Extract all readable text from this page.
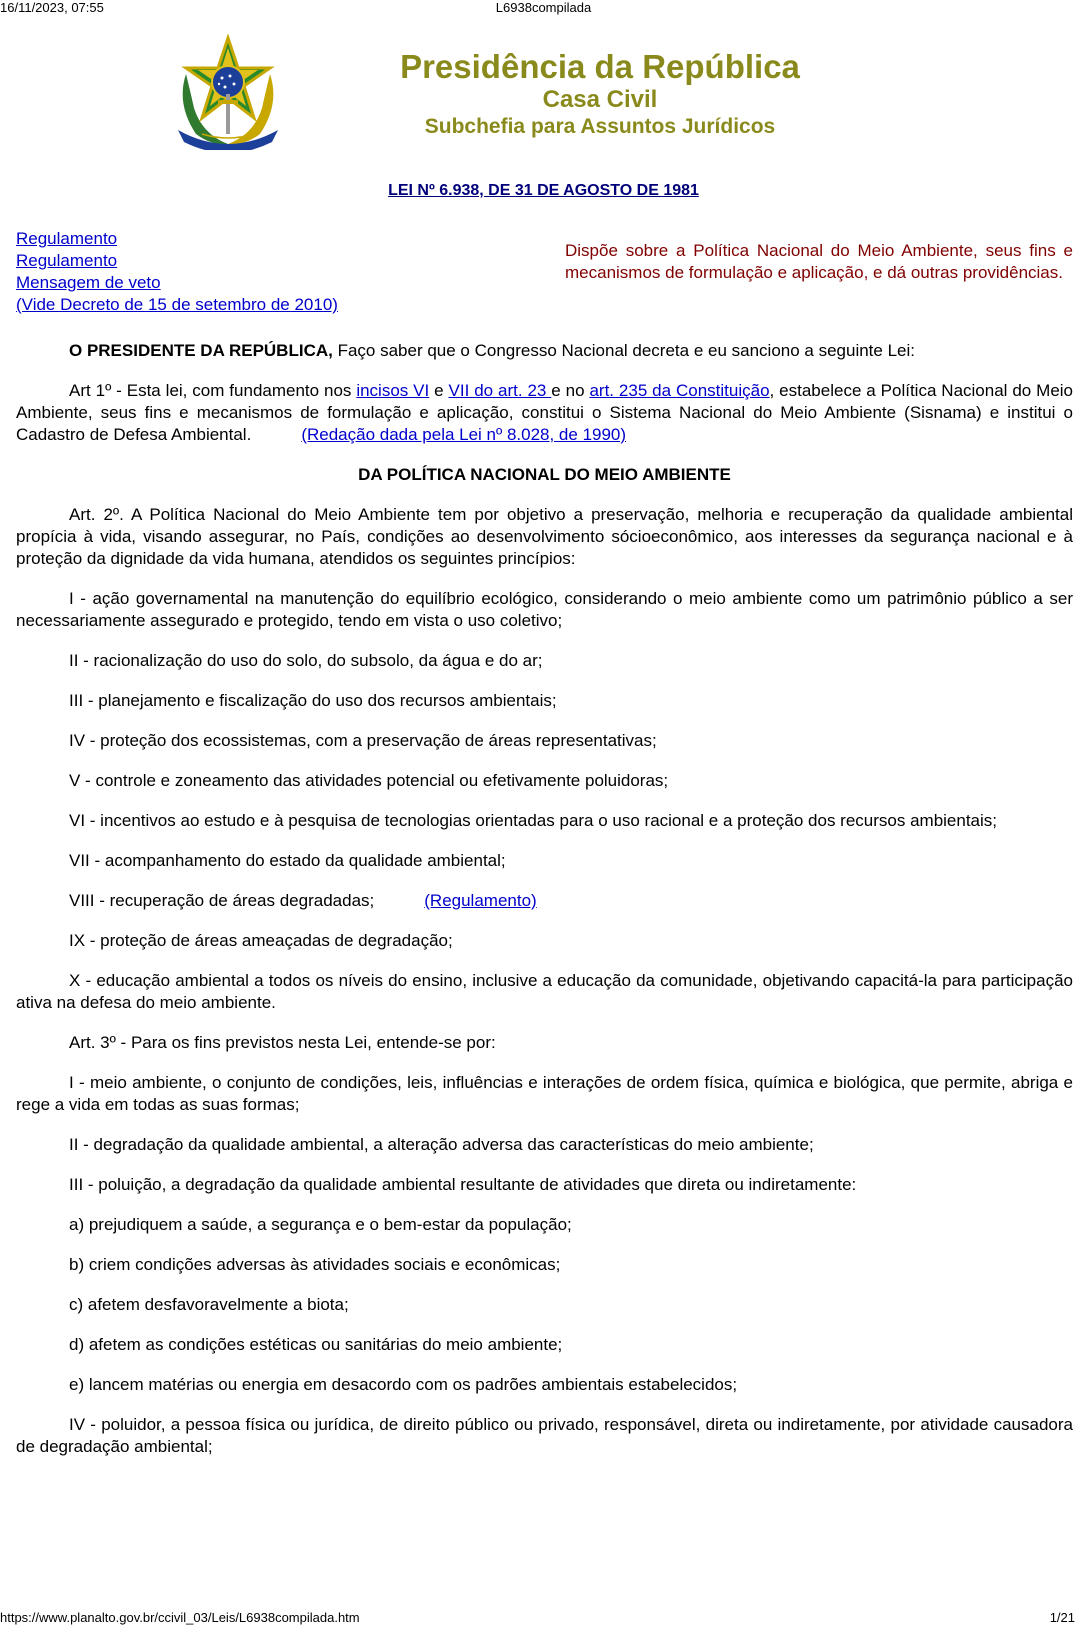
16/11/2023, 07:55	L6938compilada
Presidência da República
Casa Civil
Subchefia para Assuntos Jurídicos
LEI Nº 6.938, DE 31 DE AGOSTO DE 1981
Regulamento
Regulamento
Mensagem de veto
(Vide Decreto de 15 de setembro de 2010)
Dispõe sobre a Política Nacional do Meio Ambiente, seus fins e mecanismos de formulação e aplicação, e dá outras providências.

O PRESIDENTE DA REPÚBLICA, Faço saber que o Congresso Nacional decreta e eu sanciono a seguinte Lei:

Art 1º - Esta lei, com fundamento nos incisos VI e VII do art. 23 e no art. 235 da Constituição, estabelece a Política Nacional do Meio Ambiente, seus fins e mecanismos de formulação e aplicação, constitui o Sistema Nacional do Meio Ambiente (Sisnama) e institui o Cadastro de Defesa Ambiental.	(Redação dada pela Lei nº 8.028, de 1990)

DA POLÍTICA NACIONAL DO MEIO AMBIENTE

Art. 2º. A Política Nacional do Meio Ambiente tem por objetivo a preservação, melhoria e recuperação da qualidade ambiental propícia à vida, visando assegurar, no País, condições ao desenvolvimento sócioeconômico, aos interesses da segurança nacional e à proteção da dignidade da vida humana, atendidos os seguintes princípios:

I - ação governamental na manutenção do equilíbrio ecológico, considerando o meio ambiente como um patrimônio público a ser necessariamente assegurado e protegido, tendo em vista o uso coletivo;

II - racionalização do uso do solo, do subsolo, da água e do ar;

III - planejamento e fiscalização do uso dos recursos ambientais;

IV - proteção dos ecossistemas, com a preservação de áreas representativas;

V - controle e zoneamento das atividades potencial ou efetivamente poluidoras;

VI - incentivos ao estudo e à pesquisa de tecnologias orientadas para o uso racional e a proteção dos recursos ambientais;

VII - acompanhamento do estado da qualidade ambiental;

VIII - recuperação de áreas degradadas;	(Regulamento)

IX - proteção de áreas ameaçadas de degradação;

X - educação ambiental a todos os níveis do ensino, inclusive a educação da comunidade, objetivando capacitá-la para participação ativa na defesa do meio ambiente.

Art. 3º - Para os fins previstos nesta Lei, entende-se por:

I - meio ambiente, o conjunto de condições, leis, influências e interações de ordem física, química e biológica, que permite, abriga e rege a vida em todas as suas formas;

II - degradação da qualidade ambiental, a alteração adversa das características do meio ambiente;

III - poluição, a degradação da qualidade ambiental resultante de atividades que direta ou indiretamente:

a) prejudiquem a saúde, a segurança e o bem-estar da população;

b) criem condições adversas às atividades sociais e econômicas;

c) afetem desfavoravelmente a biota;

d) afetem as condições estéticas ou sanitárias do meio ambiente;

e) lancem matérias ou energia em desacordo com os padrões ambientais estabelecidos;

IV - poluidor, a pessoa física ou jurídica, de direito público ou privado, responsável, direta ou indiretamente, por atividade causadora de degradação ambiental;

https://www.planalto.gov.br/ccivil_03/Leis/L6938compilada.htm	1/21
